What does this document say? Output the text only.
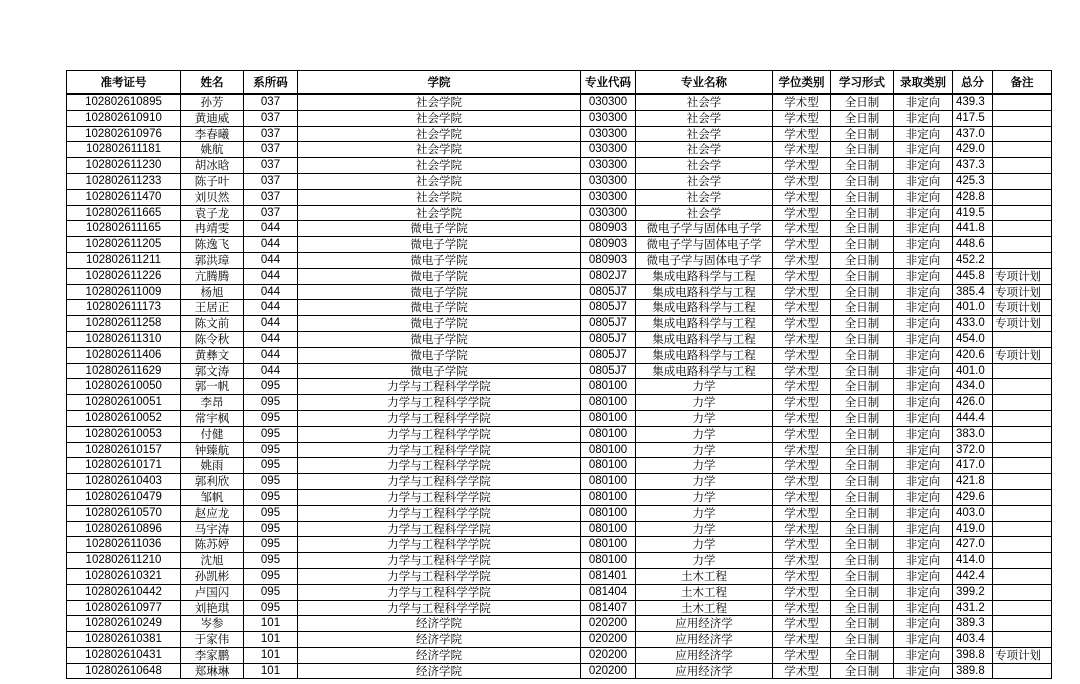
准考证号	姓名	系所码	学院	专业代码	专业名称	学位类别	学习形式	录取类别	总分	备注
102802610895	孙芳	037	社会学院	030300	社会学	学术型	全日制	非定向	439.3	
102802610910	黄迪威	037	社会学院	030300	社会学	学术型	全日制	非定向	417.5	
102802610976	李春曦	037	社会学院	030300	社会学	学术型	全日制	非定向	437.0	
102802611181	姚航	037	社会学院	030300	社会学	学术型	全日制	非定向	429.0	
102802611230	胡冰晗	037	社会学院	030300	社会学	学术型	全日制	非定向	437.3	
102802611233	陈子叶	037	社会学院	030300	社会学	学术型	全日制	非定向	425.3	
102802611470	刘贝然	037	社会学院	030300	社会学	学术型	全日制	非定向	428.8	
102802611665	袁子龙	037	社会学院	030300	社会学	学术型	全日制	非定向	419.5	
102802611165	冉靖雯	044	微电子学院	080903	微电子学与固体电子学	学术型	全日制	非定向	441.8	
102802611205	陈逸飞	044	微电子学院	080903	微电子学与固体电子学	学术型	全日制	非定向	448.6	
102802611211	郭洪璋	044	微电子学院	080903	微电子学与固体电子学	学术型	全日制	非定向	452.2	
102802611226	亢腾腾	044	微电子学院	0802J7	集成电路科学与工程	学术型	全日制	非定向	445.8	专项计划
102802611009	杨旭	044	微电子学院	0805J7	集成电路科学与工程	学术型	全日制	非定向	385.4	专项计划
102802611173	王居正	044	微电子学院	0805J7	集成电路科学与工程	学术型	全日制	非定向	401.0	专项计划
102802611258	陈文前	044	微电子学院	0805J7	集成电路科学与工程	学术型	全日制	非定向	433.0	专项计划
102802611310	陈令秋	044	微电子学院	0805J7	集成电路科学与工程	学术型	全日制	非定向	454.0	
102802611406	黄彝文	044	微电子学院	0805J7	集成电路科学与工程	学术型	全日制	非定向	420.6	专项计划
102802611629	郭文涛	044	微电子学院	0805J7	集成电路科学与工程	学术型	全日制	非定向	401.0	
102802610050	郭一帆	095	力学与工程科学学院	080100	力学	学术型	全日制	非定向	434.0	
102802610051	李昂	095	力学与工程科学学院	080100	力学	学术型	全日制	非定向	426.0	
102802610052	常宇枫	095	力学与工程科学学院	080100	力学	学术型	全日制	非定向	444.4	
102802610053	付健	095	力学与工程科学学院	080100	力学	学术型	全日制	非定向	383.0	
102802610157	钟臻航	095	力学与工程科学学院	080100	力学	学术型	全日制	非定向	372.0	
102802610171	姚雨	095	力学与工程科学学院	080100	力学	学术型	全日制	非定向	417.0	
102802610403	郭利欣	095	力学与工程科学学院	080100	力学	学术型	全日制	非定向	421.8	
102802610479	邹帆	095	力学与工程科学学院	080100	力学	学术型	全日制	非定向	429.6	
102802610570	赵应龙	095	力学与工程科学学院	080100	力学	学术型	全日制	非定向	403.0	
102802610896	马宇涛	095	力学与工程科学学院	080100	力学	学术型	全日制	非定向	419.0	
102802611036	陈苏婷	095	力学与工程科学学院	080100	力学	学术型	全日制	非定向	427.0	
102802611210	沈旭	095	力学与工程科学学院	080100	力学	学术型	全日制	非定向	414.0	
102802610321	孙凯彬	095	力学与工程科学学院	081401	土木工程	学术型	全日制	非定向	442.4	
102802610442	卢国闪	095	力学与工程科学学院	081404	土木工程	学术型	全日制	非定向	399.2	
102802610977	刘艳琪	095	力学与工程科学学院	081407	土木工程	学术型	全日制	非定向	431.2	
102802610249	岑参	101	经济学院	020200	应用经济学	学术型	全日制	非定向	389.3	
102802610381	于家伟	101	经济学院	020200	应用经济学	学术型	全日制	非定向	403.4	
102802610431	李家鹏	101	经济学院	020200	应用经济学	学术型	全日制	非定向	398.8	专项计划
102802610648	郑琳琳	101	经济学院	020200	应用经济学	学术型	全日制	非定向	389.8	
